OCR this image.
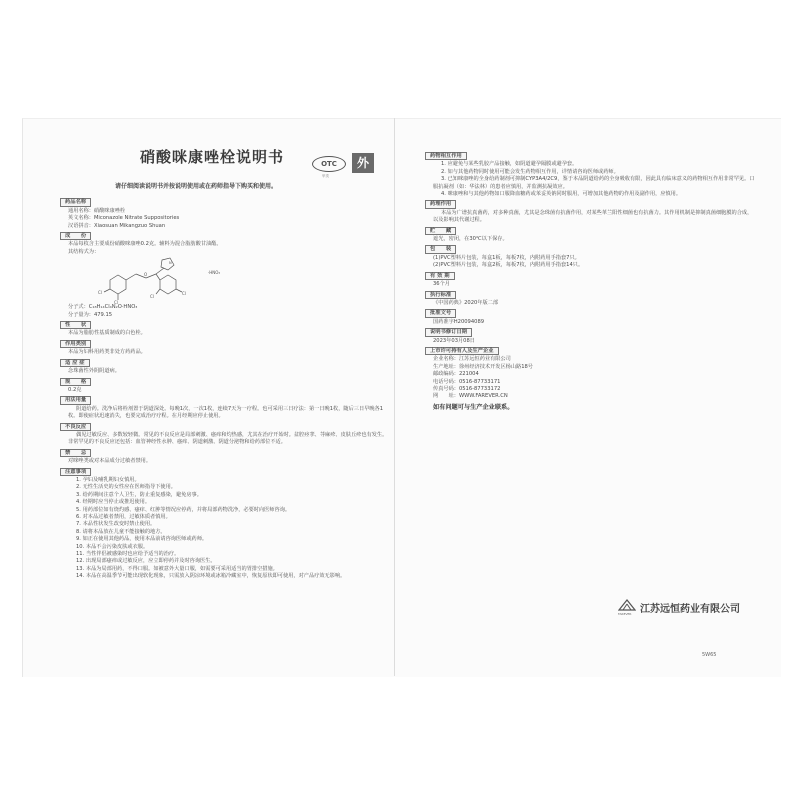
硝酸咪康唑栓说明书	OTC
甲类
外
请仔细阅读说明书并按说明使用或在药师指导下购买和使用。
药品名称
通用名称：硝酸咪康唑栓
英文名称：Miconazole Nitrate Suppositories
汉语拼音：Xiaosuan Mikangzuo Shuan
成　　份
本品每枚含主要成份硝酸咪康唑0.2克。辅料为混合脂肪酸甘油酯。
其结构式为：
O
N
Cl
Cl
Cl
Cl
·HNO₃
分子式：C₁₈H₁₄Cl₄N₂O·HNO₃
分子量为：479.15
性　　状
本品为脂肪性基质制成的白色栓。
作用类别
本品为妇科用药类非处方药药品。
适 应 症
念珠菌性外阴阴道病。
规　　格
0.2克
用法用量
阴道给药。洗净后将栓剂置于阴道深处。每晚1次，一次1枚，连续7天为一疗程。也可采用三日疗法：第一日晚1枚，随后三日早晚各1枚。即使症状迅速消失，也要完成治疗疗程。在月经期应停止使用。
不良反应
偶见过敏反应、多数较轻微。常见的不良反应是局部刺激、瘙痒和灼热感，尤其在治疗开始时。盆腔痉挛、荨麻疹、皮肤丘疹也有发生。非常罕见的不良反应还包括：血管神经性水肿、瘙痒、阴道刺激、阴道分泌物和给药部位不适。
禁　　忌
对咪唑类或对本品成分过敏者禁用。
注意事项
1. 孕妇及哺乳期妇女慎用。
2. 无性生活史的女性应在医师指导下使用。
3. 给药期间注意个人卫生，防止重复感染，避免房事。
4. 经期时应当停止或推迟使用。
5. 用药部位如有烧灼感、瘙痒、红肿等情况应停药，并将局部药物洗净，必要时向医师咨询。
6. 对本品过敏者禁用，过敏体质者慎用。
7. 本品性状发生改变时禁止使用。
8. 请将本品放在儿童不能接触的地方。
9. 如正在使用其他药品，使用本品前请咨询医师或药师。
10. 本品不会污染皮肤或衣服。
11. 当性伴侣被感染时也应给予适当的治疗。
12. 出现局部瘙痒或过敏反应，应立即停药并及时咨询医生。
13. 本品为局部用药，不得口服。如被意外大量口服，如需要可采用适当的胃排空措施。
14. 本品在高温季节可能出现软化现象，只需放入阴凉环境或冰箱冷藏室中，恢复原状即可使用，对产品疗效无影响。
药物相互作用
1. 应避免与某些乳胶产品接触，如阴道避孕隔膜或避孕套。
2. 如与其他药物同时使用可能会发生药物相互作用，详情请咨询医师或药师。
3. 已知咪康唑的全身给药制剂可抑制CYP3A4/2C9，鉴于本品阴道给药的全身吸收有限，因此具有临床意义的药物相互作用非常罕见。口服抗凝剂（如：华法林）的患者应慎用，并监测抗凝效应。
4. 咪康唑和与其他药物如口服降血糖药或苯妥英钠同时服用，可增加其他药物的作用及副作用，应慎用。
药理作用
本品为广谱抗真菌药，对多种真菌，尤其是念珠菌有抗菌作用，对某些革兰阳性细菌也有抗菌力。其作用机制是抑制真菌细胞膜的合成，以及影响其代谢过程。
贮　　藏
遮光，密闭，在30℃以下保存。
包　　装
(1)PVC塑料片包装，每盒1板，每板7枚，内附药用手指套7只。
(2)PVC塑料片包装，每盒2板，每板7枚，内附药用手指套14只。
有 效 期
36个月
执行标准
《中国药典》2020年版二部
批准文号
国药准字H20094089
说明书修订日期
2023年03月08日
上市许可持有人及生产企业
企业名称：江苏远恒药业有限公司
生产地址：徐州经济技术开发区杨山路18号
邮政编码：221004
电话号码：0516-87733171
传真号码：0516-87733172
网　　址：WWW.FAREVER.CN
如有问题可与生产企业联系。
FAREVER 江苏远恒药业有限公司
5W65
